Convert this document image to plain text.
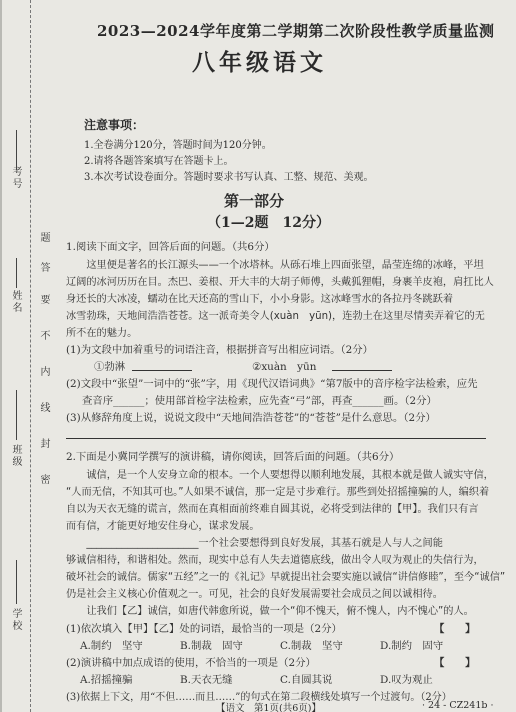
考号
姓名
班级
学校
题
答
要
不
内
线
封
密
2023—2024学年度第二学期第二次阶段性教学质量监测
八年级语文
注意事项：
1.全卷满分120分，答题时间为120分钟。
2.请将各题答案填写在答题卡上。
3.本次考试设卷面分。答题时要求书写认真、工整、规范、美观。
第一部分
（1—2题　12分）
1.阅读下面文字，回答后面的问题。（共6分）
　　这里便是著名的长江源头——一个冰塔林。从砾石堆上四面张望，晶莹连绵的冰峰，平坦
辽阔的冰河历历在目。杰巴、姜根、开大丰的大胡子师傅，头戴狐狸帽，身裹羊皮袍，肩扛比人
身还长的大冰凌，蠕动在比天还高的雪山下，小小身影。这冰峰雪水的各拉丹冬跳跃着
冰雪勃珠，天地间浩浩苍苍。这一派奇美令人(xuàn　yūn)，连勃土在这里尽情卖弄着它的无
所不在的魅力。
(1)为文段中加着重号的词语注音，根据拼音写出相应词语。（2分）
①勃淋	②xuàn　yūn
(2)文段中“张望”一词中的“张”字，用《现代汉语词典》“第7版中的音序检字法检索，应先
查音序______；使用部首检字法检索，应先查“弓”部，再查______画。（2分）
(3)从修辞角度上说，说说文段中“天地间浩浩苍苍”的“苍苍”是什么意思。（2分）
2.下面是小冀同学撰写的演讲稿，请你阅读，回答后面的问题。（共6分）
　　诚信，是一个人安身立命的根本。一个人要想得以顺利地发展，其根本就是做人诚实守信，
“人而无信，不知其可也。”人如果不诚信，那一定是寸步难行。那些到处招摇撞骗的人，编织着
自以为天衣无缝的谎言，然而在真相面前终难自圆其说，必将受到法律的【甲】。我们只有言
而有信，才能更好地安住身心，谋求发展。
　　______________________一个社会要想得到良好发展，其基石就是人与人之间能
够诚信相待，和谐相处。然而，现实中总有人失去道德底线，做出令人叹为观止的失信行为，
破坏社会的诚信。儒家“五经”之一的《礼记》早就提出社会要实施以诚信“讲信修睦”，至今“诚信”
仍是社会主义核心价值观之一。可见，社会的良好发展需要社会成员之间以诚相待。
　　让我们【乙】诚信，如唐代韩愈所说，做一个“仰不愧天，俯不愧人，内不愧心”的人。
(1)依次填入【甲】【乙】处的词语，最恰当的一项是（2分）	【　　】
A.制约　坚守	B.制裁　固守	C.制裁　坚守	D.制约　固守
(2)演讲稿中加点成语的使用，不恰当的一项是（2分）	【　　】
A.招摇撞骗	B.天衣无缝	C.自圆其说	D.叹为观止
(3)依据上下文，用“不但……而且……”的句式在第二段横线处填写一个过渡句。（2分）
【语文　第1页(共6页)】	· 24 - CZ241b ·
